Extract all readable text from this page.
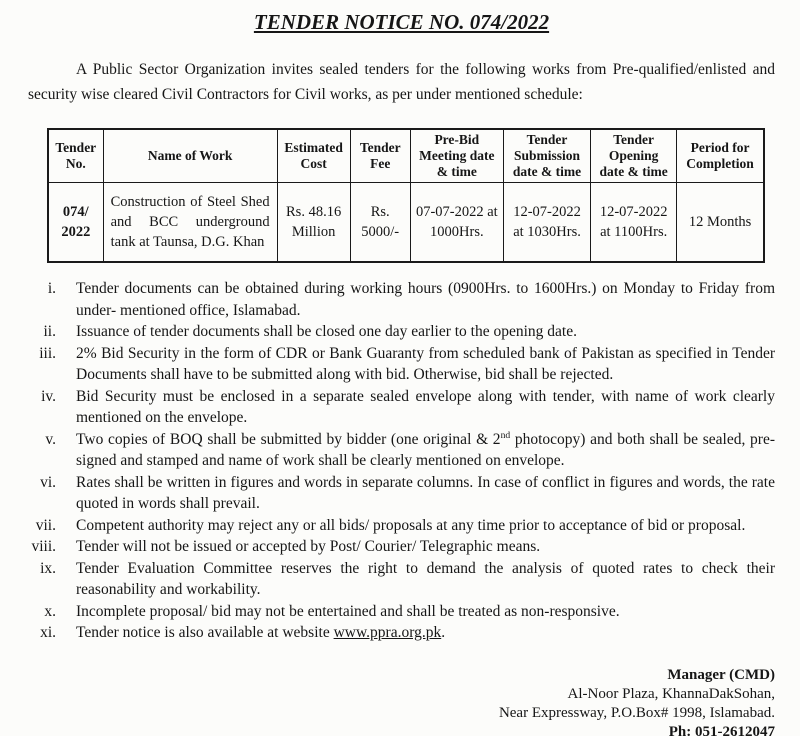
TENDER NOTICE NO. 074/2022

A Public Sector Organization invites sealed tenders for the following works from Pre-qualified/enlisted and security wise cleared Civil Contractors for Civil works, as per under mentioned schedule:

Tender No.	Name of Work	Estimated Cost	Tender Fee	Pre-Bid Meeting date & time	Tender Submission date & time	Tender Opening date & time	Period for Completion
074/ 2022	Construction of Steel Shed and BCC underground tank at Taunsa, D.G. Khan	Rs. 48.16 Million	Rs. 5000/-	07-07-2022 at 1000Hrs.	12-07-2022 at 1030Hrs.	12-07-2022 at 1100Hrs.	12 Months
i. Tender documents can be obtained during working hours (0900Hrs. to 1600Hrs.) on Monday to Friday from under- mentioned office, Islamabad.
ii. Issuance of tender documents shall be closed one day earlier to the opening date.
iii. 2% Bid Security in the form of CDR or Bank Guaranty from scheduled bank of Pakistan as specified in Tender Documents shall have to be submitted along with bid. Otherwise, bid shall be rejected.
iv. Bid Security must be enclosed in a separate sealed envelope along with tender, with name of work clearly mentioned on the envelope.
v. Two copies of BOQ shall be submitted by bidder (one original & 2nd photocopy) and both shall be sealed, pre-signed and stamped and name of work shall be clearly mentioned on envelope.
vi. Rates shall be written in figures and words in separate columns. In case of conflict in figures and words, the rate quoted in words shall prevail.
vii. Competent authority may reject any or all bids/ proposals at any time prior to acceptance of bid or proposal.
viii. Tender will not be issued or accepted by Post/ Courier/ Telegraphic means.
ix. Tender Evaluation Committee reserves the right to demand the analysis of quoted rates to check their reasonability and workability.
x. Incomplete proposal/ bid may not be entertained and shall be treated as non-responsive.
xi. Tender notice is also available at website www.ppra.org.pk.
Manager (CMD)
Al-Noor Plaza, KhannaDakSohan,
Near Expressway, P.O.Box# 1998, Islamabad.
Ph: 051-2612047
